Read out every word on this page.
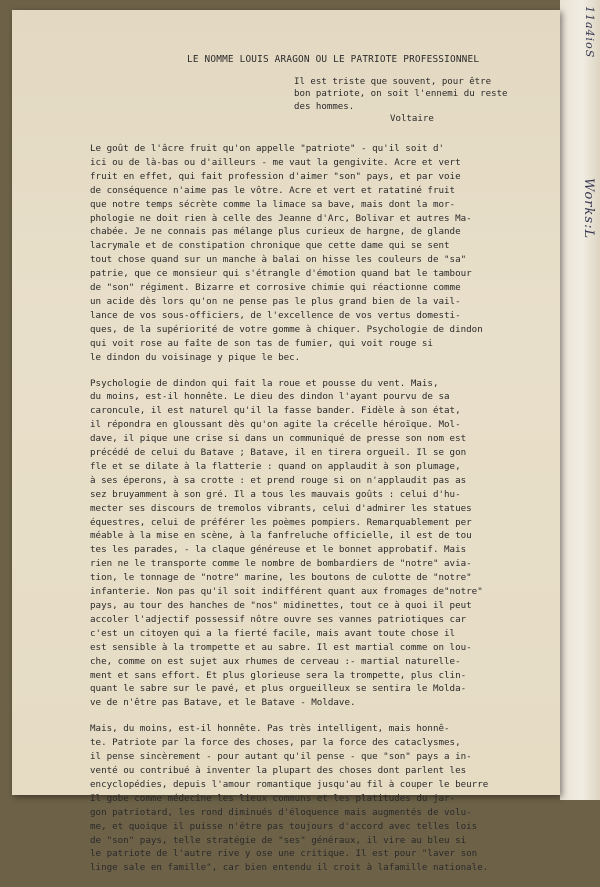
11a4ioS
Works:L
LE NOMME LOUIS ARAGON OU LE PATRIOTE PROFESSIONNEL
Il est triste que souvent, pour être
bon patriote, on soit l'ennemi du reste
des hommes.
Voltaire
Le goût de l'âcre fruit qu'on appelle "patriote" - qu'il soit d'
ici ou de là-bas ou d'ailleurs - me vaut la gengivite. Acre et vert
fruit en effet, qui fait profession d'aimer "son" pays, et par voie
de conséquence n'aime pas le vôtre. Acre et vert et ratatiné fruit
que notre temps sécrète comme la limace sa bave, mais dont la mor-
phologie ne doit rien à celle des Jeanne d'Arc, Bolivar et autres Ma-
chabée. Je ne connais pas mélange plus curieux de hargne, de glande
lacrymale et de constipation chronique que cette dame qui se sent
tout chose quand sur un manche à balai on hisse les couleurs de "sa"
patrie, que ce monsieur qui s'étrangle d'émotion quand bat le tambour
de "son" régiment. Bizarre et corrosive chimie qui réactionne comme
un acide dès lors qu'on ne pense pas le plus grand bien de la vail-
lance de vos sous-officiers, de l'excellence de vos vertus domesti-
ques, de la supériorité de votre gomme à chiquer. Psychologie de dindon
qui voit rose au faîte de son tas de fumier, qui voit rouge si
le dindon du voisinage y pique le bec.
Psychologie de dindon qui fait la roue et pousse du vent. Mais,
du moins, est-il honnête. Le dieu des dindon l'ayant pourvu de sa
caroncule, il est naturel qu'il la fasse bander. Fidèle à son état,
il répondra en gloussant dès qu'on agite la crécelle héroïque. Mol-
dave, il pique une crise si dans un communiqué de presse son nom est
précédé de celui du Batave ; Batave, il en tirera orgueil. Il se gon
fle et se dilate à la flatterie : quand on applaudit à son plumage,
à ses éperons, à sa crotte : et prend rouge si on n'applaudit pas as
sez bruyamment à son gré. Il a tous les mauvais goûts : celui d'hu-
mecter ses discours de tremolos vibrants, celui d'admirer les statues
équestres, celui de préférer les poèmes pompiers. Remarquablement per
méable à la mise en scène, à la fanfreluche officielle, il est de tou
tes les parades, - la claque généreuse et le bonnet approbatif. Mais
rien ne le transporte comme le nombre de bombardiers de "notre" avia-
tion, le tonnage de "notre" marine, les boutons de culotte de "notre"
infanterie. Non pas qu'il soit indifférent quant aux fromages de"notre"
pays, au tour des hanches de "nos" midinettes, tout ce à quoi il peut
accoler l'adjectif possessif nôtre ouvre ses vannes patriotiques car
c'est un citoyen qui a la fierté facile, mais avant toute chose il
est sensible à la trompette et au sabre. Il est martial comme on lou-
che, comme on est sujet aux rhumes de cerveau :- martial naturelle-
ment et sans effort. Et plus glorieuse sera la trompette, plus clin-
quant le sabre sur le pavé, et plus orgueilleux se sentira le Molda-
ve de n'être pas Batave, et le Batave - Moldave.
Mais, du moins, est-il honnête. Pas très intelligent, mais honnê-
te. Patriote par la force des choses, par la force des cataclysmes,
il pense sincèrement - pour autant qu'il pense - que "son" pays a in-
venté ou contribué à inventer la plupart des choses dont parlent les
encyclopédies, depuis l'amour romantique jusqu'au fil à couper le beurre
Il gobe comme médecine les lieux communs et les platitudes du jar-
gon patriotard, les rond diminués d'éloquence mais augmentés de volu-
me, et quoique il puisse n'être pas toujours d'accord avec telles lois
de "son" pays, telle stratégie de "ses" généraux, il vire au bleu si
le patriote de l'autre rive y ose une critique. Il est pour "laver son
linge sale en famille", car bien entendu il croit à lafamille nationale.
